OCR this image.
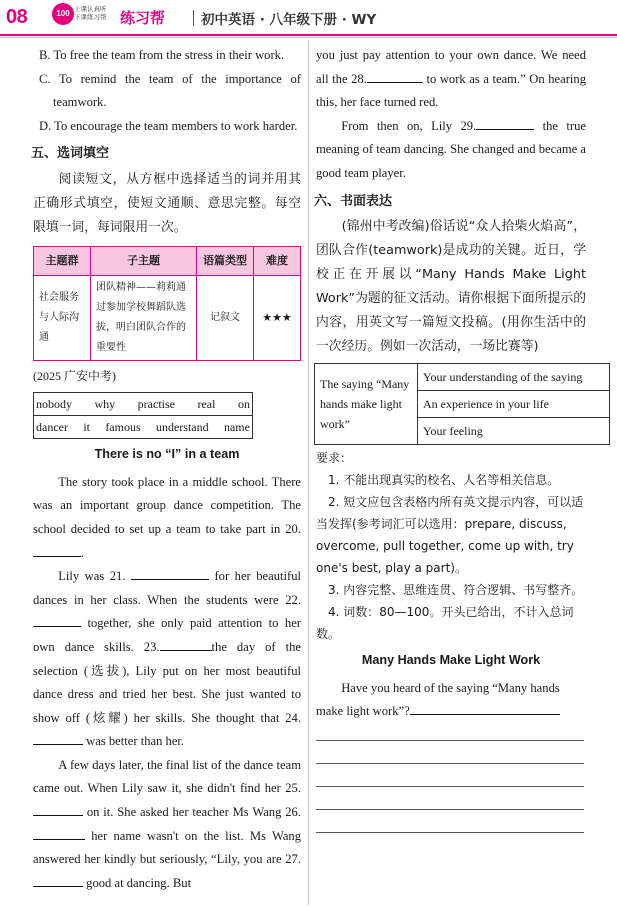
08	100 上课认真听
下课练习帮 练习帮	初中英语 · 八年级下册 · WY

B. To free the team from the stress in their work.

C. To remind the team of the importance of teamwork.

D. To encourage the team members to work harder.

五、选词填空

阅读短文，从方框中选择适当的词并用其正确形式填空，使短文通顺、意思完整。每空限填一词，每词限用一次。

主题群	子主题	语篇类型	难度
社会服务与人际沟通	团队精神——莉莉通过参加学校舞蹈队选拔，明白团队合作的重要性	记叙文	★★★

(2025 广安中考)

nobody why practise real on
dancer it famous understand name
There is no “I” in a team

The story took place in a middle school. There was an important group dance competition. The school decided to set up a team to take part in 20..

Lily was 21.	for her beautiful dances in her class. When the students were 22. together, she only paid attention to her own dance skills. 23.	the day of the selection (选拔), Lily put on her most beautiful dance dress and tried her best. She just wanted to show off (炫耀) her skills. She thought that 24. was better than her.

A few days later, the final list of the dance team came out. When Lily saw it, she didn't find her 25. on it. She asked her teacher Ms Wang 26. her name wasn't on the list. Ms Wang answered her kindly but seriously, “Lily, you are 27. good at dancing. But

you just pay attention to your own dance. We need all the 28.	to work as a team.” On hearing this, her face turned red.

From then on, Lily 29.	the true meaning of team dancing. She changed and became a good team player.

六、书面表达

(锦州中考改编)俗话说“众人拾柴火焰高”，团队合作(teamwork)是成功的关键。近日，学校正在开展以“Many Hands Make Light Work”为题的征文活动。请你根据下面所提示的内容，用英文写一篇短文投稿。(用你生活中的一次经历。例如一次活动，一场比赛等)

The saying “Many hands make light work”	Your understanding of the saying
An experience in your life
Your feeling

要求：

1. 不能出现真实的校名、人名等相关信息。

2. 短文应包含表格内所有英文提示内容，可以适当发挥(参考词汇可以选用：prepare, discuss, overcome, pull together, come up with, try one's best, play a part)。

3. 内容完整、思维连贯、符合逻辑、书写整齐。

4. 词数：80—100。开头已给出，不计入总词数。

Many Hands Make Light Work

Have you heard of the saying “Many hands make light work”?
